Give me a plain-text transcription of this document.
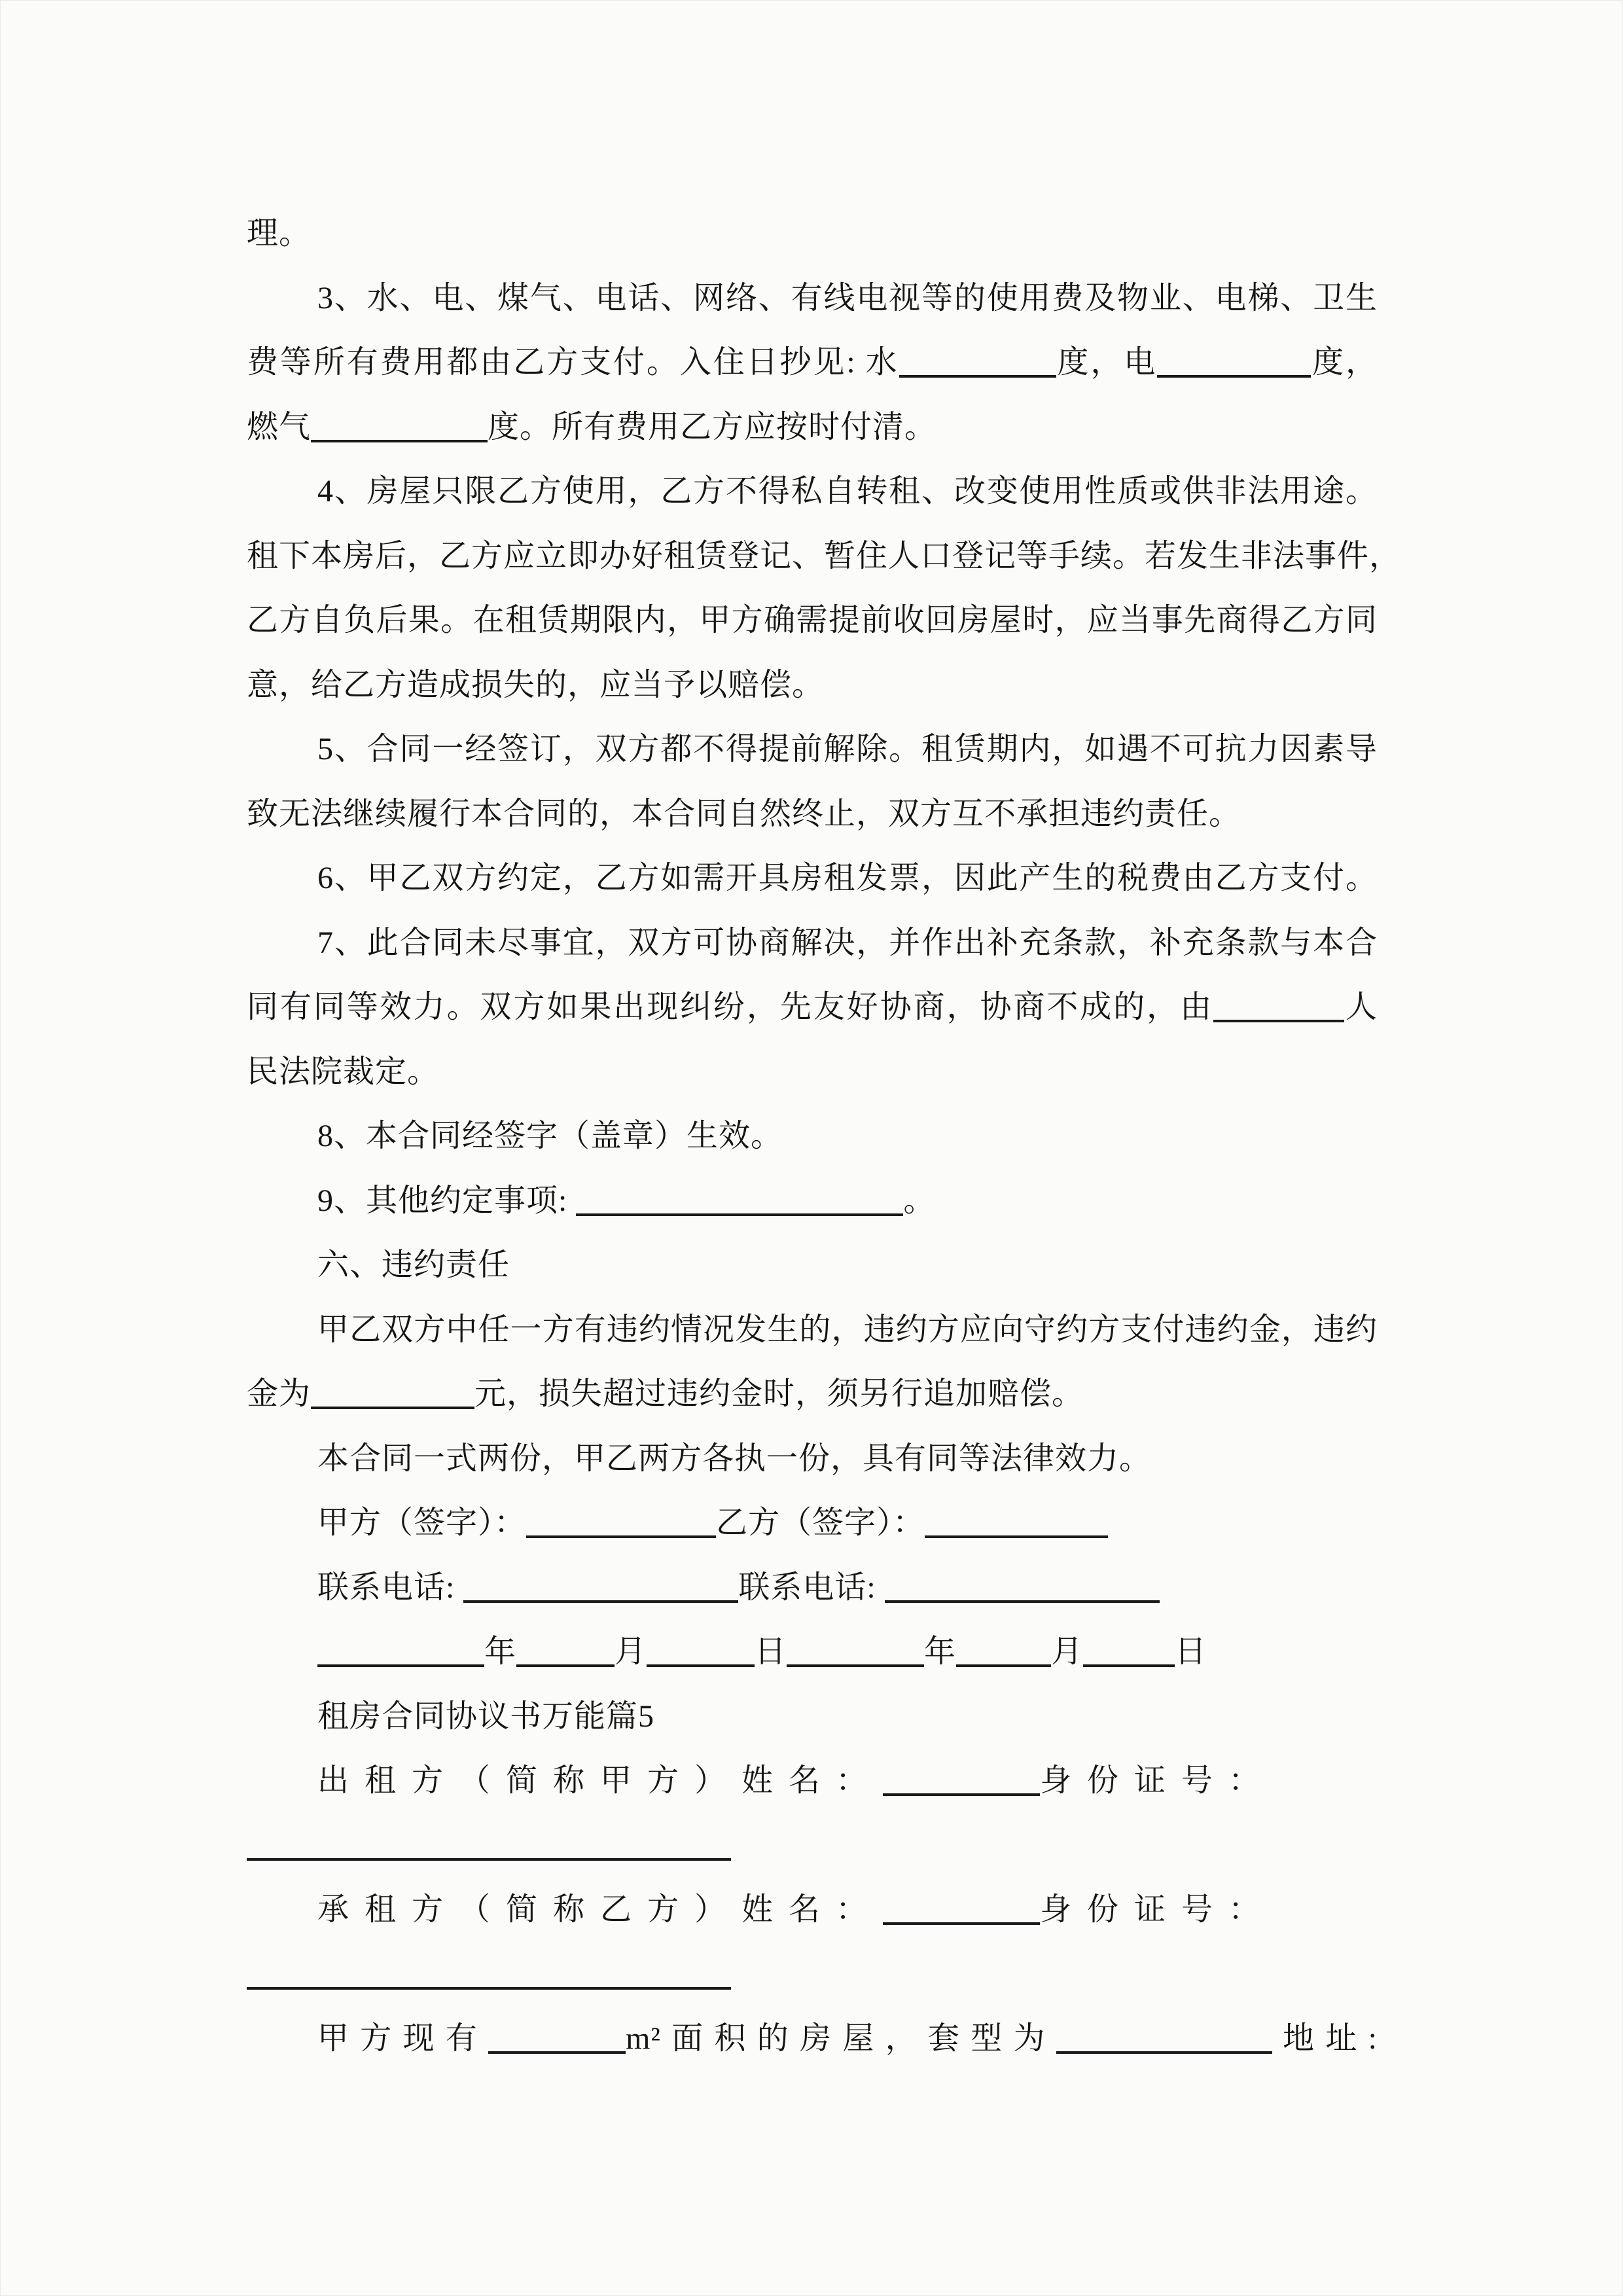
理。
3、水、电、煤气、电话、网络、有线电视等的使用费及物业、电梯、卫生
费等所有费用都由乙方支付。入住日抄见: 水	度，电	度，
燃气	度。所有费用乙方应按时付清。
4、房屋只限乙方使用，乙方不得私自转租、改变使用性质或供非法用途。
租下本房后，乙方应立即办好租赁登记、暂住人口登记等手续。若发生非法事件，
乙方自负后果。在租赁期限内，甲方确需提前收回房屋时，应当事先商得乙方同
意，给乙方造成损失的，应当予以赔偿。
5、合同一经签订，双方都不得提前解除。租赁期内，如遇不可抗力因素导
致无法继续履行本合同的，本合同自然终止，双方互不承担违约责任。
6、甲乙双方约定，乙方如需开具房租发票，因此产生的税费由乙方支付。
7、此合同未尽事宜，双方可协商解决，并作出补充条款，补充条款与本合
同有同等效力。双方如果出现纠纷，先友好协商，协商不成的，由	人
民法院裁定。
8、本合同经签字（盖章）生效。
9、其他约定事项:	。
六、违约责任
甲乙双方中任一方有违约情况发生的，违约方应向守约方支付违约金，违约
金为	元，损失超过违约金时，须另行追加赔偿。
本合同一式两份，甲乙两方各执一份，具有同等法律效力。
甲方（签字）：	乙方（签字）：
联系电话:	联系电话:
年	月	日	年	月	日
租房合同协议书万能篇5
出租方（简称甲方）姓名：	身份证号：
承租方（简称乙方）姓名：	身份证号：
甲方现有	m²面积的房屋，套型为	地址:
